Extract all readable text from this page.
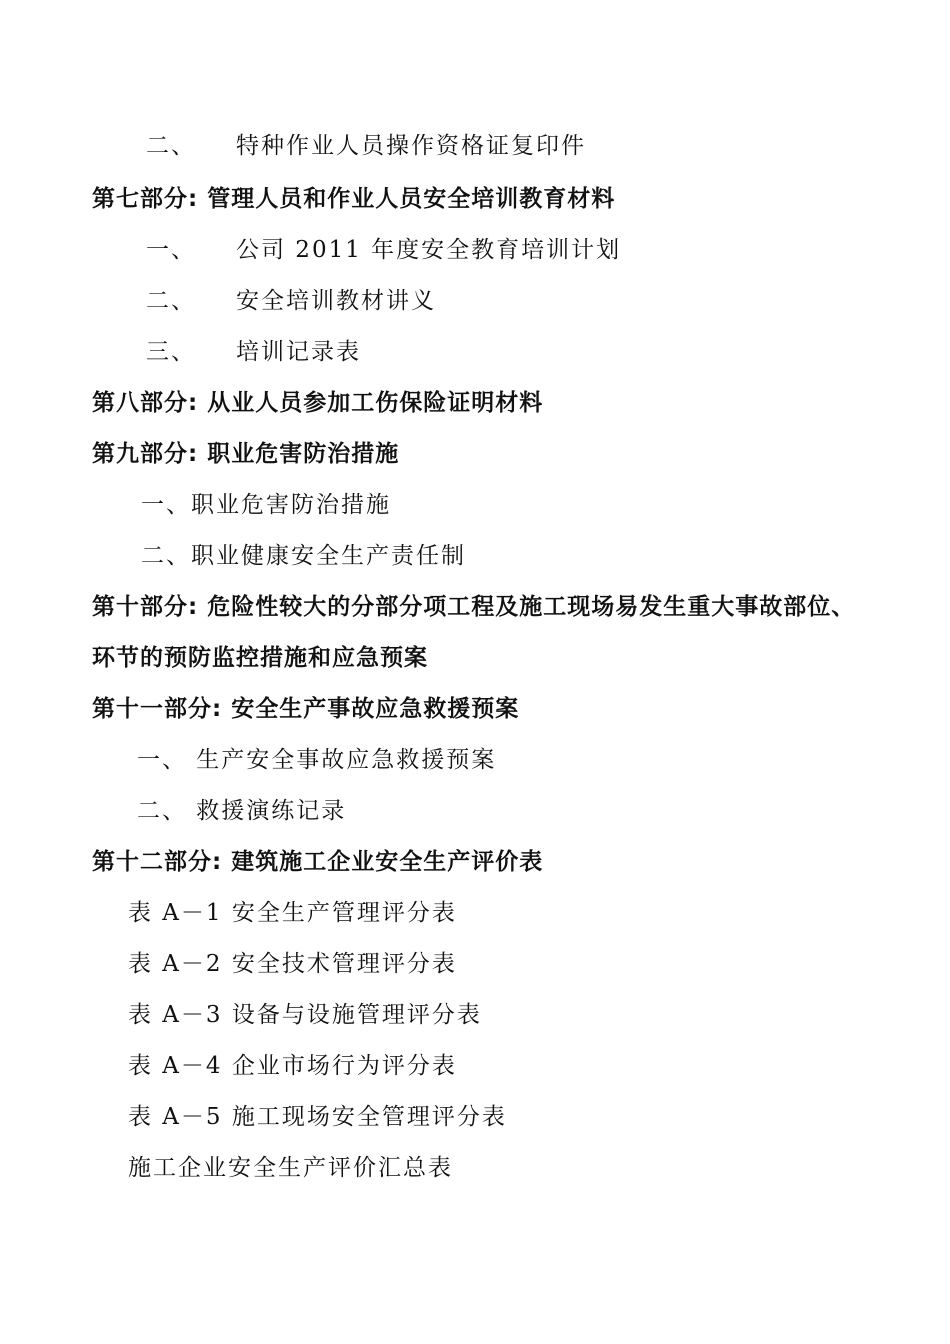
二、 特种作业人员操作资格证复印件
第七部分: 管理人员和作业人员安全培训教育材料
一、 公司 2011 年度安全教育培训计划
二、 安全培训教材讲义
三、 培训记录表
第八部分: 从业人员参加工伤保险证明材料
第九部分: 职业危害防治措施
一、职业危害防治措施
二、职业健康安全生产责任制
第十部分: 危险性较大的分部分项工程及施工现场易发生重大事故部位、
环节的预防监控措施和应急预案
第十一部分: 安全生产事故应急救援预案
一、 生产安全事故应急救援预案
二、 救援演练记录
第十二部分: 建筑施工企业安全生产评价表
表 A－1 安全生产管理评分表
表 A－2 安全技术管理评分表
表 A－3 设备与设施管理评分表
表 A－4 企业市场行为评分表
表 A－5 施工现场安全管理评分表
施工企业安全生产评价汇总表
